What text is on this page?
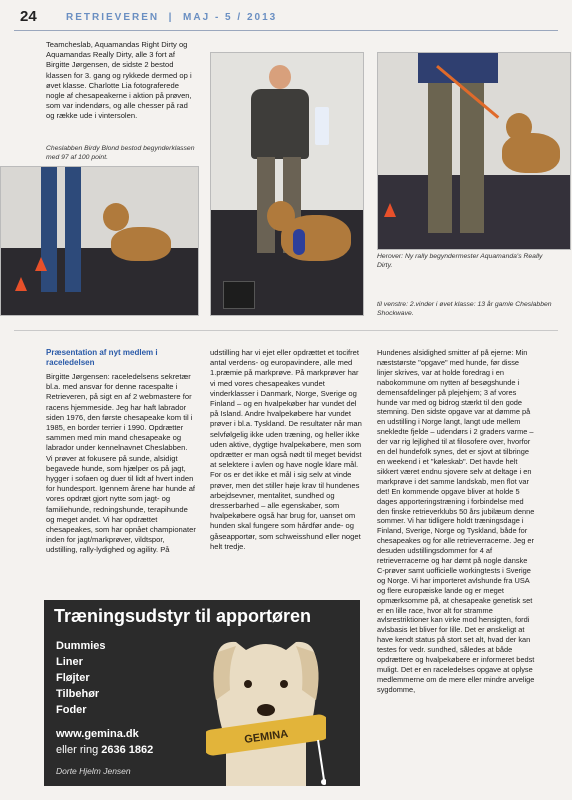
24	RETRIEVEREN  |  MAJ - 5 / 2013
Teamcheslab, Aquamandas Right Dirty og Aquamandas Really Dirty, alle 3 fort af Birgitte Jørgensen, de sidste 2 bestod klassen for 3. gang og rykkede dermed op i øvet klasse. Charlotte Lia fotograferede nogle af chesapeakerne i aktion på prøven, som var indendørs, og alle chesser på rad og række ude i vintersolen.
Cheslabben Birdy Blond bestod begynderklassen med 97 af 100 point.
Herover: Ny rally begyndermester Aquamanda's Really Dirty.
til venstre: 2.vinder i øvet klasse: 13 år gamle Cheslabben Shockwave.
Præsentation af nyt medlem i raceledelsen
Birgitte Jørgensen: raceledelsens sekretær bl.a. med ansvar for denne racespalte i Retrieveren, på sigt en af 2 webmastere for racens hjemmeside. Jeg har haft labrador siden 1976, den første chesapeake kom til i 1985, en border terrier i 1990. Opdrætter sammen med min mand chesapeake og labrador under kennelnavnet Cheslabben. Vi prøver at fokusere på sunde, alsidigt begavede hunde, som hjælper os på jagt, hygger i sofaen og duer til lidt af hvert inden for hundesport. Igennem årene har hunde af vores opdræt gjort nytte som jagt- og familiehunde, redningshunde, terapihunde og meget andet. Vi har opdrættet chesapeakes, som har opnået championater inden for jagt/markprøver, vildtspor, udstilling, rally-lydighed og agility. På
udstilling har vi ejet eller opdrættet et tocifret antal verdens- og europavindere, alle med 1.præmie på markprøve. På markprøver har vi med vores chesapeakes vundet vinderklasser i Danmark, Norge, Sverige og Finland – og en hvalpekøber har vundet del på Island. Andre hvalpekøbere har vundet prøver i bl.a. Tyskland. De resultater når man selvfølgelig ikke uden træning, og heller ikke uden aktive, dygtige hvalpekøbere, men som opdrætter er man også nødt til meget bevidst at selektere i avlen og have nogle klare mål. For os er det ikke et mål i sig selv at vinde prøver, men det stiller høje krav til hundenes arbejdsevner, mentalitet, sundhed og dresserbarhed – alle egenskaber, som hvalpekøbere også har brug for, uanset om hunden skal fungere som hårdfør ande- og gåseapportør, som schweisshund eller noget helt tredje.
Hundenes alsidighed smitter af på ejerne: Min næststørste "opgave" med hunde, før disse linjer skrives, var at holde foredrag i en nabokommune om nytten af besøgshunde i demensafdelinger på plejehjem; 3 af vores hunde var med og bidrog stærkt til den gode stemning. Den sidste opgave var at dømme på en udstilling i Norge langt, langt ude mellem snekledte fjelde – udendørs i 2 graders varme – der var rig lejlighed til at filosofere over, hvorfor en del hundefolk synes, det er sjovt at tilbringe en weekend i et "køleskab". Det havde helt sikkert været endnu sjovere selv at deltage i en markprøve i det samme landskab, men flot var det! En kommende opgave bliver at holde 5 dages apporteringstræning i forbindelse med den finske retrieverklubs 50 års jubilæum denne sommer. Vi har tidligere holdt træningsdage i Finland, Sverige, Norge og Tyskland, både for chesapeakes og for alle retrieverracerne. Jeg er desuden udstillingsdommer for 4 af retrieverracerne og har dømt på nogle danske C-prøver samt uofficielle workingtests i Sverige og Norge. Vi har importeret avlshunde fra USA og flere europæiske lande og er meget opmærksomme på, at chesapeake genetisk set er en lille race, hvor alt for stramme avlsrestriktioner kan virke mod hensigten, fordi avlsbasis let bliver for lille. Det er ønskeligt at have kendt status på stort set alt, hvad der kan testes for vedr. sundhed, således at både opdrættere og hvalpekøbere er informeret bedst muligt. Det er en raceledelses opgave at oplyse medlemmerne om de mere eller mindre arvelige sygdomme,
Træningsudstyr til apportøren
Dummies
Liner
Fløjter
Tilbehør
Foder
www.gemina.dk
eller ring 2636 1862
Dorte Hjelm Jensen
GEMINA
